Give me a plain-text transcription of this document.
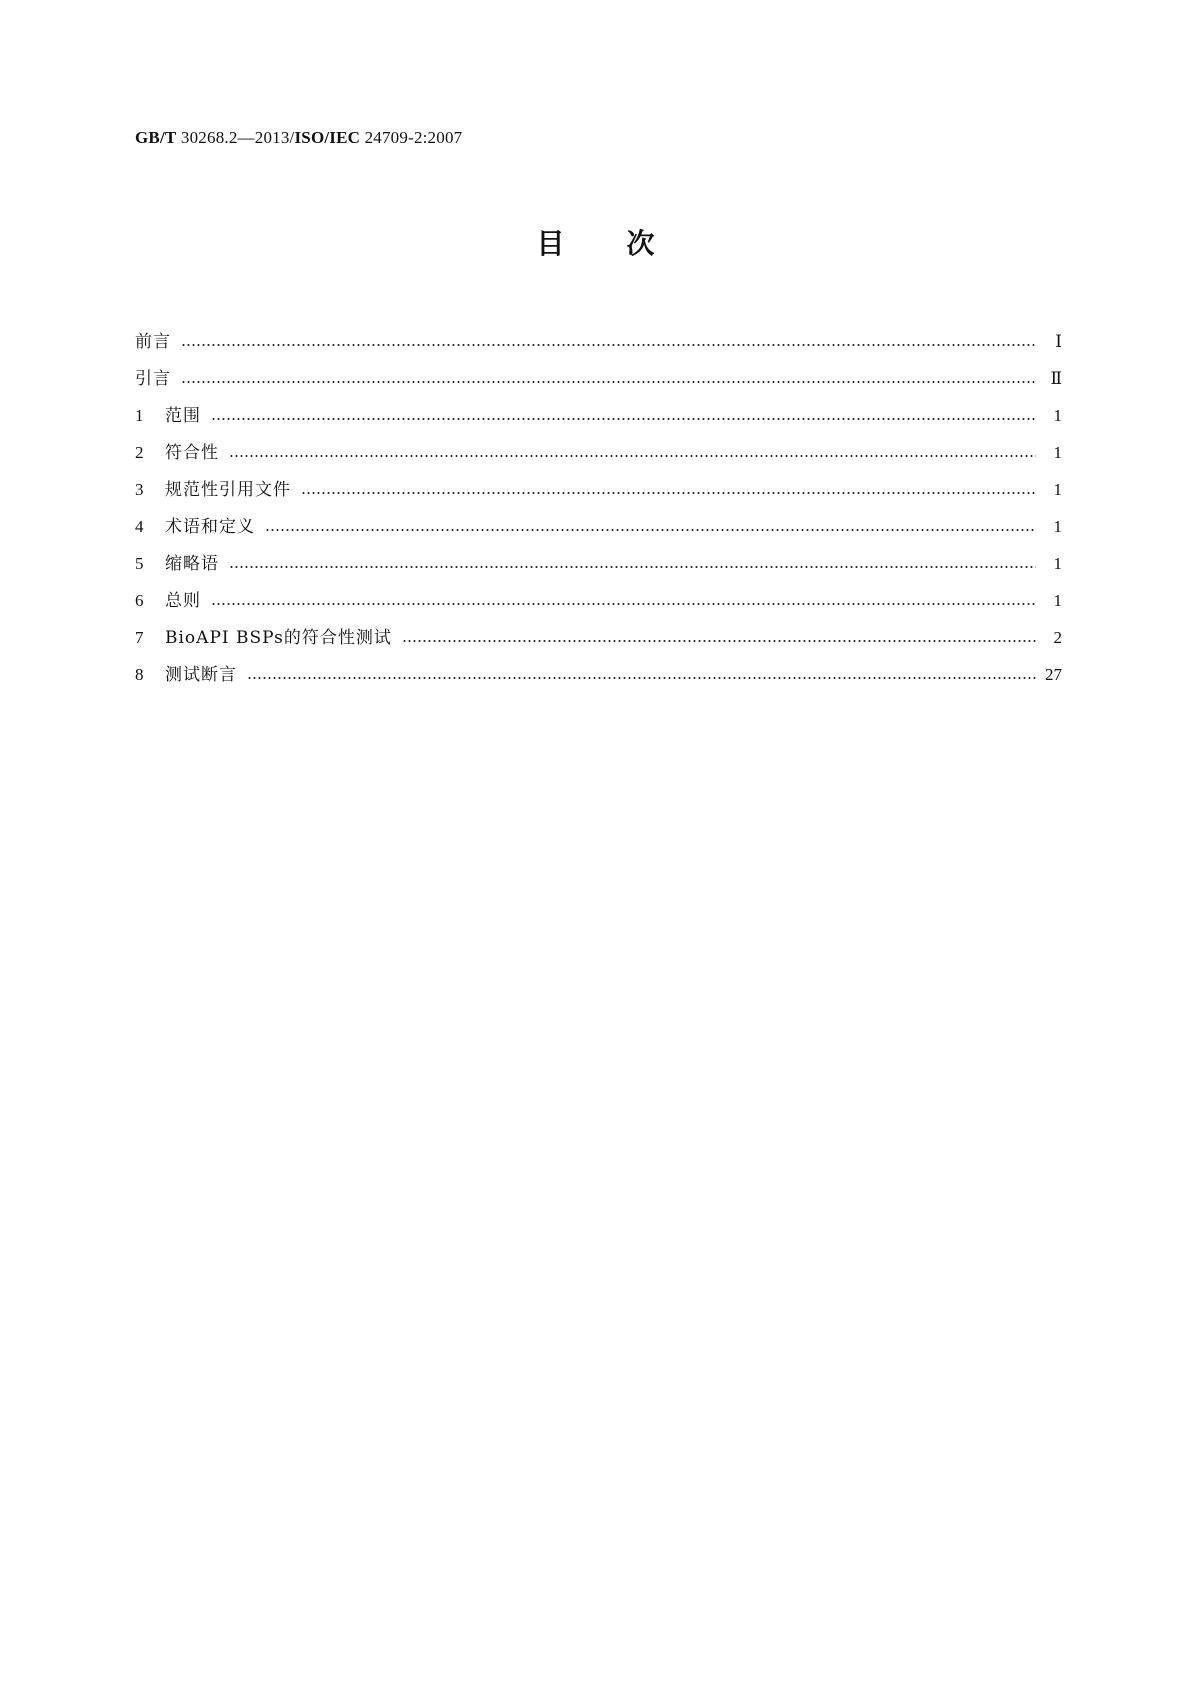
GB/T 30268.2—2013/ISO/IEC 24709-2:2007
目 次
前言	Ⅰ
引言	Ⅱ
1	范围	1
2	符合性	1
3	规范性引用文件	1
4	术语和定义	1
5	缩略语	1
6	总则	1
7	BioAPI BSPs的符合性测试	2
8	测试断言	27
